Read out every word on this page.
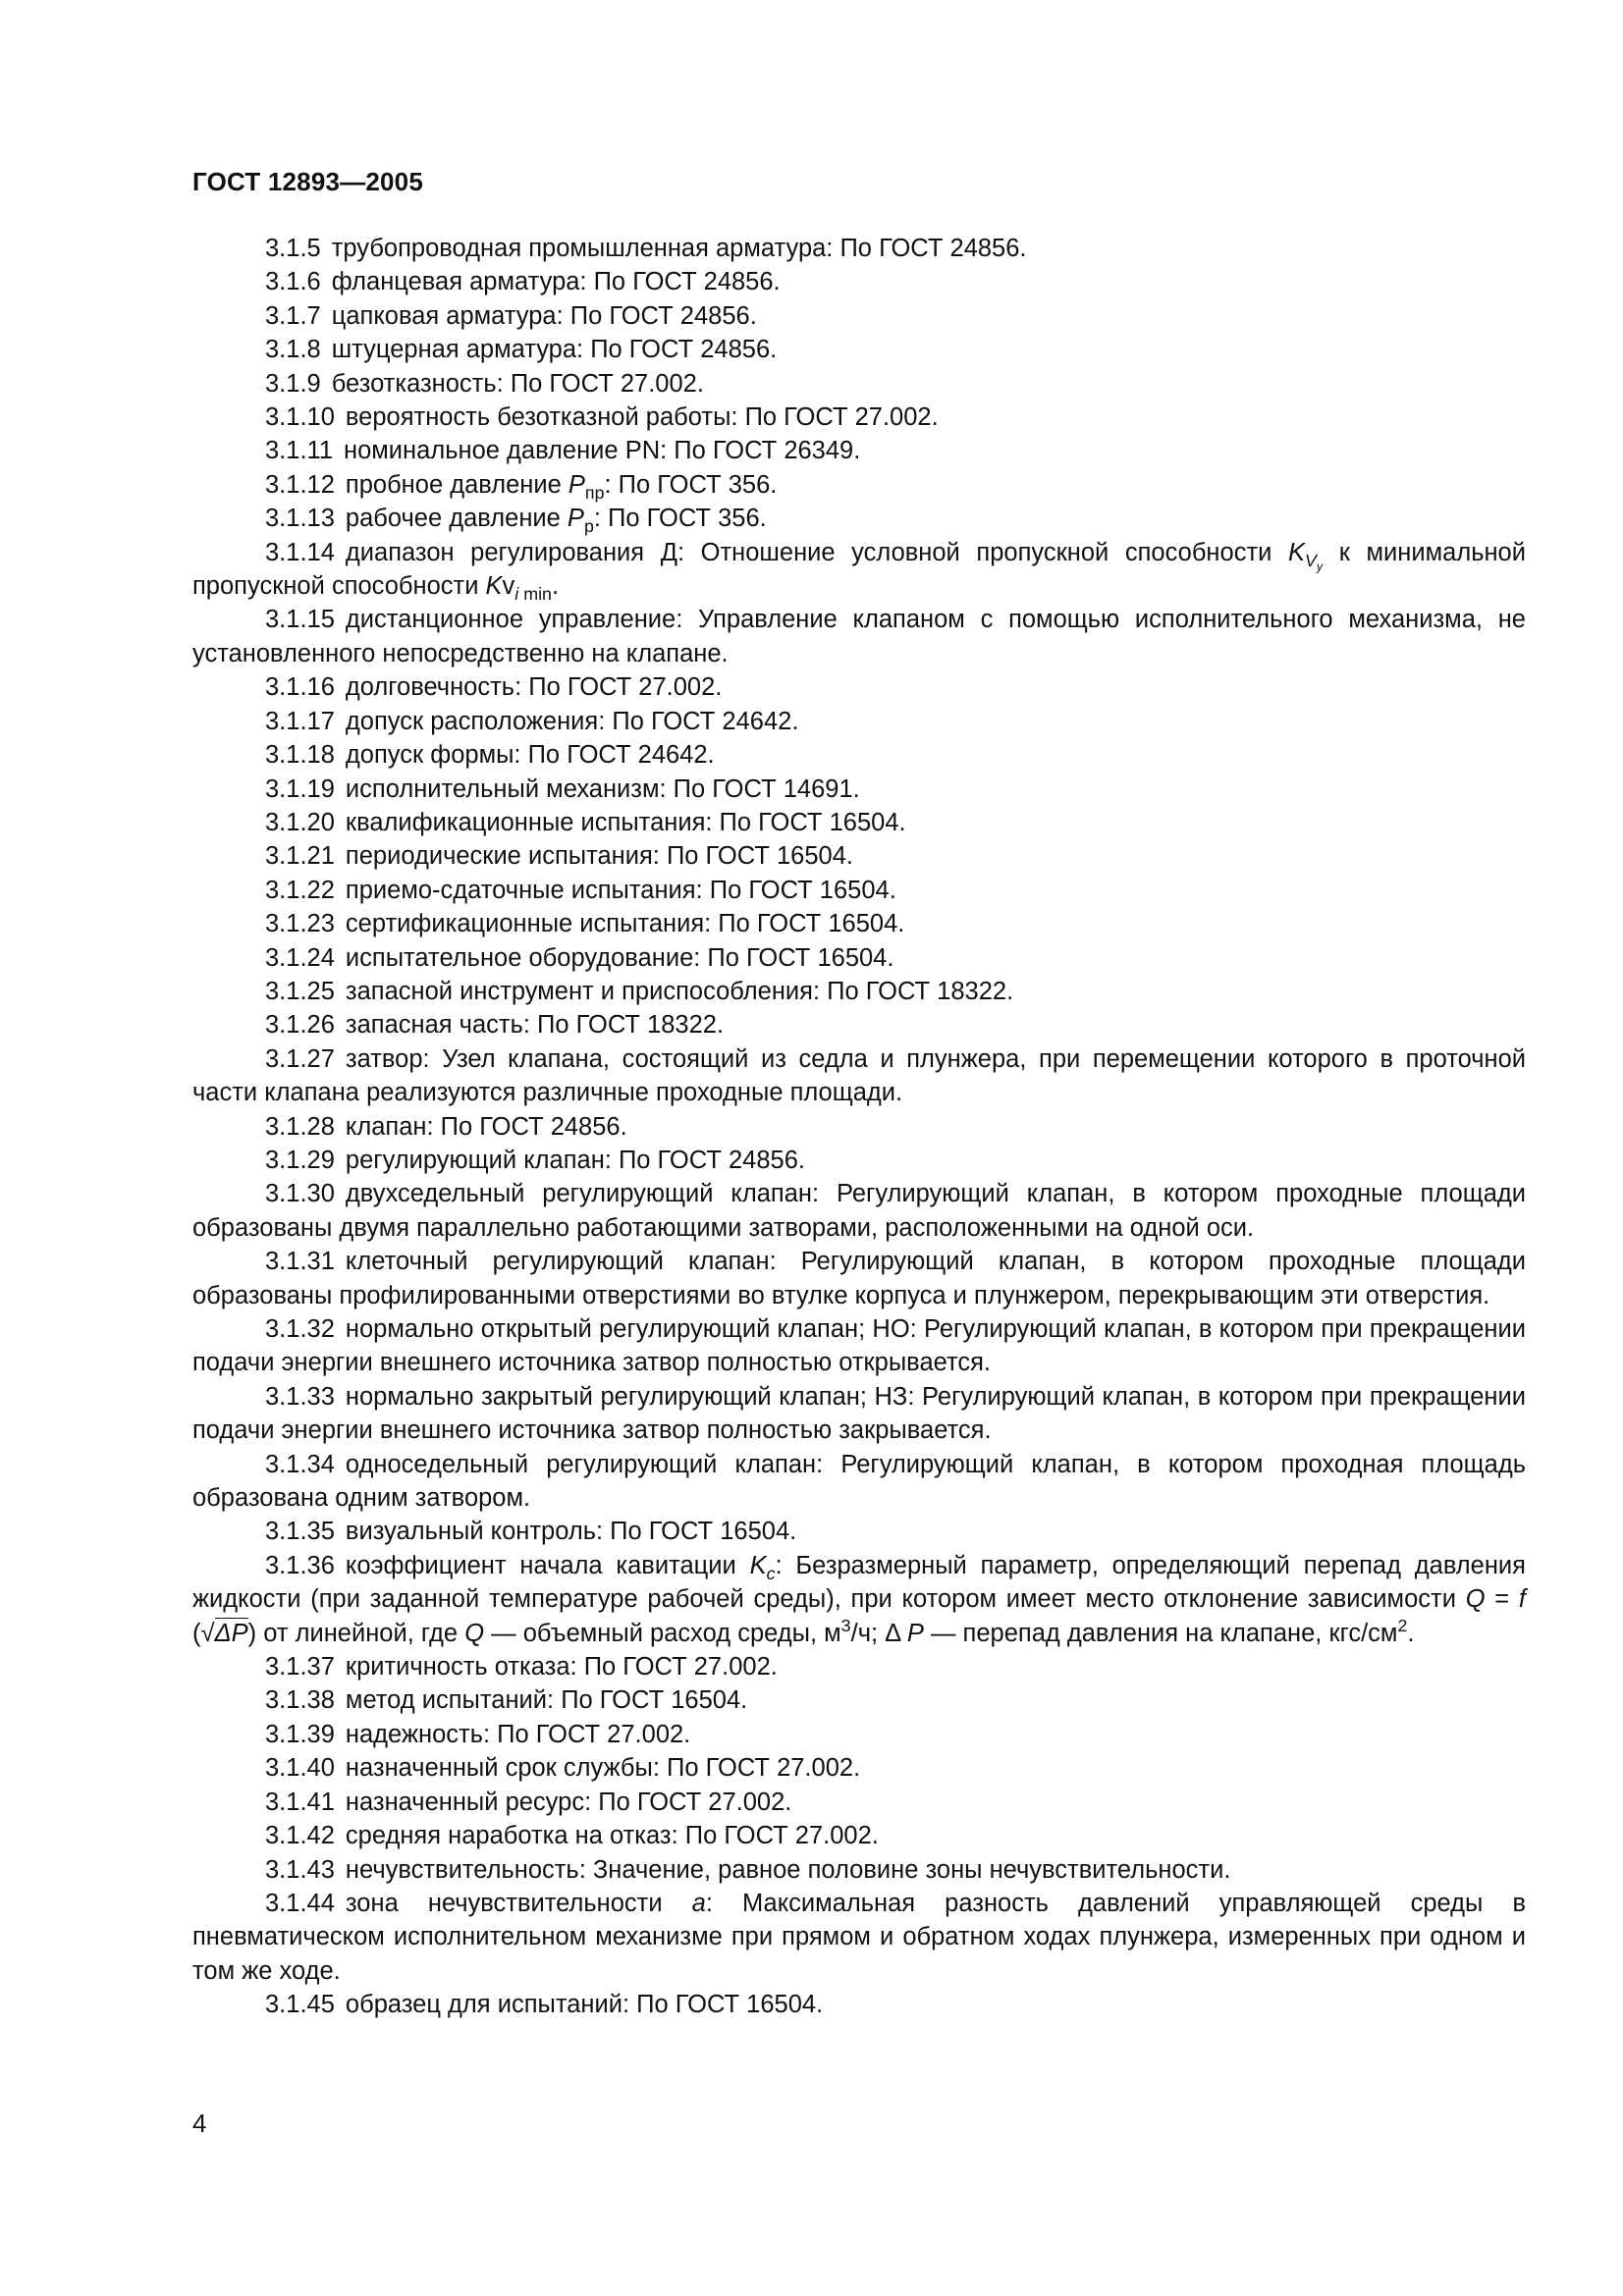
ГОСТ 12893—2005

3.1.5 трубопроводная промышленная арматура: По ГОСТ 24856.

3.1.6 фланцевая арматура: По ГОСТ 24856.

3.1.7 цапковая арматура: По ГОСТ 24856.

3.1.8 штуцерная арматура: По ГОСТ 24856.

3.1.9 безотказность: По ГОСТ 27.002.

3.1.10 вероятность безотказной работы: По ГОСТ 27.002.

3.1.11 номинальное давление PN: По ГОСТ 26349.

3.1.12 пробное давление $P_{пр}$: По ГОСТ 356.

3.1.13 рабочее давление $P_р$: По ГОСТ 356.

3.1.14 диапазон регулирования Д: Отношение условной пропускной способности $K_{V_y}$ к минимальной пропускной способности $Kv_{i min}$.

3.1.15 дистанционное управление: Управление клапаном с помощью исполнительного механизма, не установленного непосредственно на клапане.

3.1.16 долговечность: По ГОСТ 27.002.

3.1.17 допуск расположения: По ГОСТ 24642.

3.1.18 допуск формы: По ГОСТ 24642.

3.1.19 исполнительный механизм: По ГОСТ 14691.

3.1.20 квалификационные испытания: По ГОСТ 16504.

3.1.21 периодические испытания: По ГОСТ 16504.

3.1.22 приемо-сдаточные испытания: По ГОСТ 16504.

3.1.23 сертификационные испытания: По ГОСТ 16504.

3.1.24 испытательное оборудование: По ГОСТ 16504.

3.1.25 запасной инструмент и приспособления: По ГОСТ 18322.

3.1.26 запасная часть: По ГОСТ 18322.

3.1.27 затвор: Узел клапана, состоящий из седла и плунжера, при перемещении которого в проточной части клапана реализуются различные проходные площади.

3.1.28 клапан: По ГОСТ 24856.

3.1.29 регулирующий клапан: По ГОСТ 24856.

3.1.30 двухседельный регулирующий клапан: Регулирующий клапан, в котором проходные площади образованы двумя параллельно работающими затворами, расположенными на одной оси.

3.1.31 клеточный регулирующий клапан: Регулирующий клапан, в котором проходные площади образованы профилированными отверстиями во втулке корпуса и плунжером, перекрывающим эти отверстия.

3.1.32 нормально открытый регулирующий клапан; НО: Регулирующий клапан, в котором при прекращении подачи энергии внешнего источника затвор полностью открывается.

3.1.33 нормально закрытый регулирующий клапан; НЗ: Регулирующий клапан, в котором при прекращении подачи энергии внешнего источника затвор полностью закрывается.

3.1.34 односедельный регулирующий клапан: Регулирующий клапан, в котором проходная площадь образована одним затвором.

3.1.35 визуальный контроль: По ГОСТ 16504.

3.1.36 коэффициент начала кавитации $K_c$: Безразмерный параметр, определяющий перепад давления жидкости (при заданной температуре рабочей среды), при котором имеет место отклонение зависимости Q = f (√ΔP) от линейной, где Q — объемный расход среды, $м^3/ч$; Δ P — перепад давления на клапане, кгс/$см^2$.

3.1.37 критичность отказа: По ГОСТ 27.002.

3.1.38 метод испытаний: По ГОСТ 16504.

3.1.39 надежность: По ГОСТ 27.002.

3.1.40 назначенный срок службы: По ГОСТ 27.002.

3.1.41 назначенный ресурс: По ГОСТ 27.002.

3.1.42 средняя наработка на отказ: По ГОСТ 27.002.

3.1.43 нечувствительность: Значение, равное половине зоны нечувствительности.

3.1.44 зона нечувствительности a: Максимальная разность давлений управляющей среды в пневматическом исполнительном механизме при прямом и обратном ходах плунжера, измеренных при одном и том же ходе.

3.1.45 образец для испытаний: По ГОСТ 16504.

4
